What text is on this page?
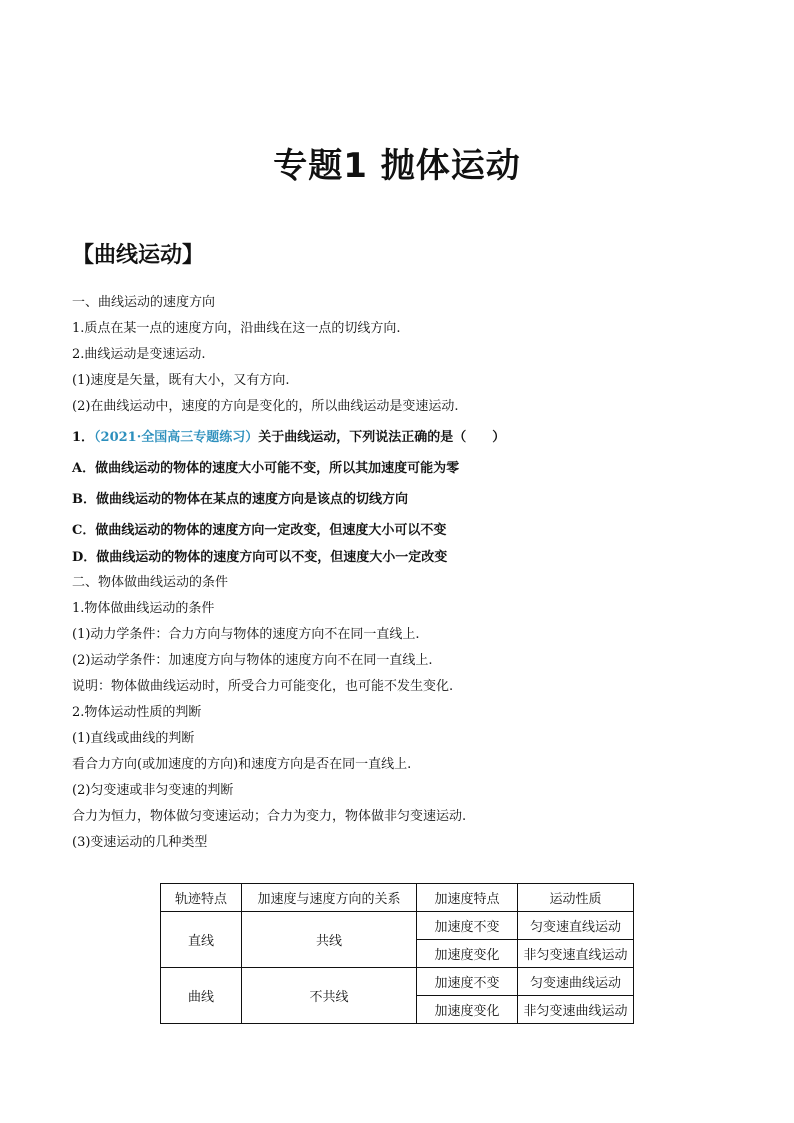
专题1 抛体运动
【曲线运动】
一、曲线运动的速度方向
1.质点在某一点的速度方向，沿曲线在这一点的切线方向.
2.曲线运动是变速运动.
(1)速度是矢量，既有大小，又有方向.
(2)在曲线运动中，速度的方向是变化的，所以曲线运动是变速运动.
1．（2021·全国高三专题练习）关于曲线运动，下列说法正确的是（　　）
A．做曲线运动的物体的速度大小可能不变，所以其加速度可能为零
B．做曲线运动的物体在某点的速度方向是该点的切线方向
C．做曲线运动的物体的速度方向一定改变，但速度大小可以不变
D．做曲线运动的物体的速度方向可以不变，但速度大小一定改变
二、物体做曲线运动的条件
1.物体做曲线运动的条件
(1)动力学条件：合力方向与物体的速度方向不在同一直线上.
(2)运动学条件：加速度方向与物体的速度方向不在同一直线上.
说明：物体做曲线运动时，所受合力可能变化，也可能不发生变化.
2.物体运动性质的判断
(1)直线或曲线的判断
看合力方向(或加速度的方向)和速度方向是否在同一直线上.
(2)匀变速或非匀变速的判断
合力为恒力，物体做匀变速运动；合力为变力，物体做非匀变速运动.
(3)变速运动的几种类型
轨迹特点	加速度与速度方向的关系	加速度特点	运动性质
直线	共线	加速度不变	匀变速直线运动
		加速度变化	非匀变速直线运动
曲线	不共线	加速度不变	匀变速曲线运动
		加速度变化	非匀变速曲线运动
